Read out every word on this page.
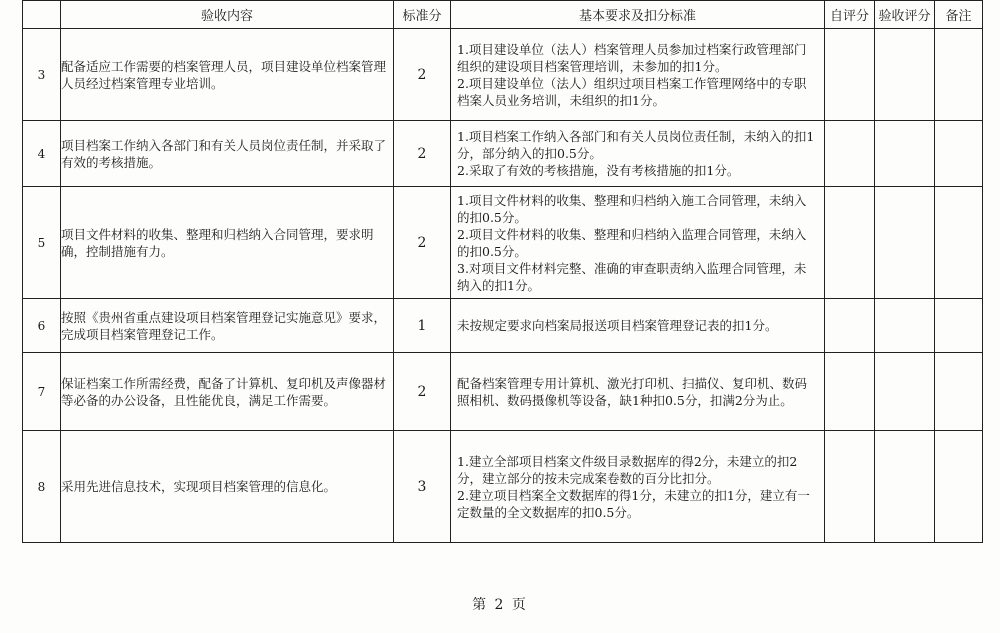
	验收内容	标准分	基本要求及扣分标准	自评分	验收评分	备注
3	配备适应工作需要的档案管理人员，项目建设单位档案管理人员经过档案管理专业培训。	2	1.项目建设单位（法人）档案管理人员参加过档案行政管理部门组织的建设项目档案管理培训，未参加的扣1分。
2.项目建设单位（法人）组织过项目档案工作管理网络中的专职档案人员业务培训，未组织的扣1分。			

4	项目档案工作纳入各部门和有关人员岗位责任制，并采取了有效的考核措施。	2	1.项目档案工作纳入各部门和有关人员岗位责任制，未纳入的扣1分，部分纳入的扣0.5分。
2.采取了有效的考核措施，没有考核措施的扣1分。			

5	项目文件材料的收集、整理和归档纳入合同管理，要求明确，控制措施有力。	2	1.项目文件材料的收集、整理和归档纳入施工合同管理，未纳入的扣0.5分。
2.项目文件材料的收集、整理和归档纳入监理合同管理，未纳入的扣0.5分。
3.对项目文件材料完整、准确的审查职责纳入监理合同管理，未纳入的扣1分。			

6	按照《贵州省重点建设项目档案管理登记实施意见》要求，完成项目档案管理登记工作。	1	未按规定要求向档案局报送项目档案管理登记表的扣1分。			

7	保证档案工作所需经费，配备了计算机、复印机及声像器材等必备的办公设备，且性能优良，满足工作需要。	2	配备档案管理专用计算机、激光打印机、扫描仪、复印机、数码照相机、数码摄像机等设备，缺1种扣0.5分，扣满2分为止。			

8	采用先进信息技术，实现项目档案管理的信息化。	3	1.建立全部项目档案文件级目录数据库的得2分，未建立的扣2分，建立部分的按未完成案卷数的百分比扣分。
2.建立项目档案全文数据库的得1分，未建立的扣1分，建立有一定数量的全文数据库的扣0.5分。			

第 2 页
